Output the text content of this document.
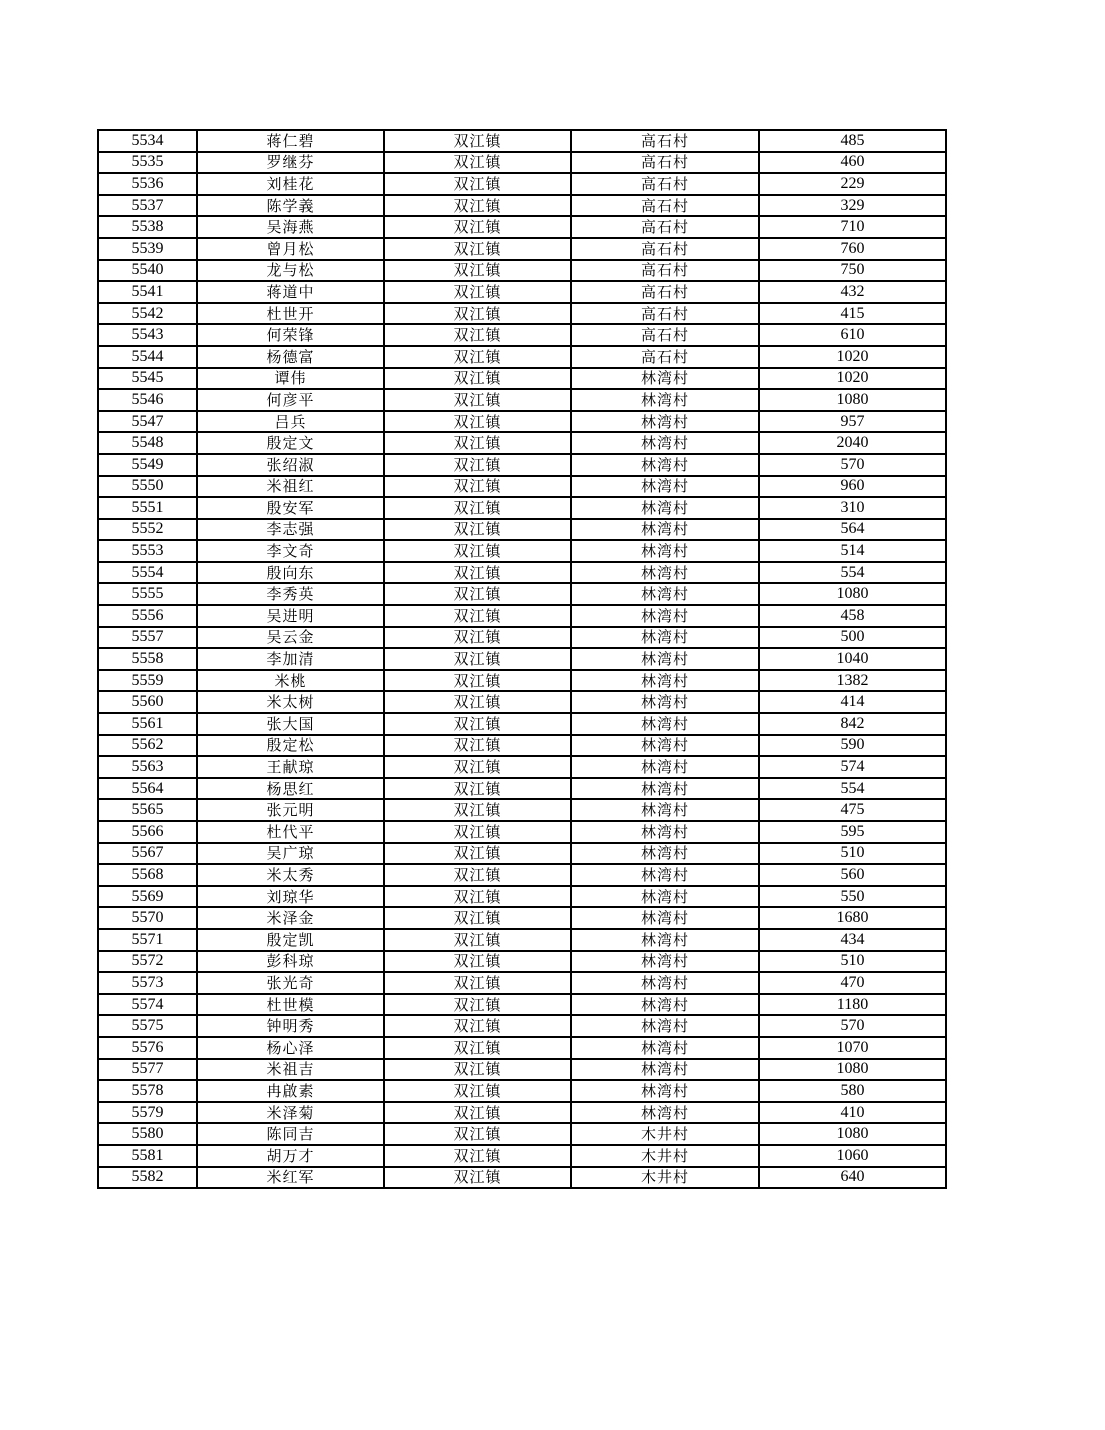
5534	蒋仁碧	双江镇	高石村	485
5535	罗继芬	双江镇	高石村	460
5536	刘桂花	双江镇	高石村	229
5537	陈学義	双江镇	高石村	329
5538	吴海燕	双江镇	高石村	710
5539	曾月松	双江镇	高石村	760
5540	龙与松	双江镇	高石村	750
5541	蒋道中	双江镇	高石村	432
5542	杜世开	双江镇	高石村	415
5543	何荣锋	双江镇	高石村	610
5544	杨德富	双江镇	高石村	1020
5545	谭伟	双江镇	林湾村	1020
5546	何彦平	双江镇	林湾村	1080
5547	吕兵	双江镇	林湾村	957
5548	殷定文	双江镇	林湾村	2040
5549	张绍淑	双江镇	林湾村	570
5550	米祖红	双江镇	林湾村	960
5551	殷安军	双江镇	林湾村	310
5552	李志强	双江镇	林湾村	564
5553	李文奇	双江镇	林湾村	514
5554	殷向东	双江镇	林湾村	554
5555	李秀英	双江镇	林湾村	1080
5556	吴进明	双江镇	林湾村	458
5557	吴云金	双江镇	林湾村	500
5558	李加清	双江镇	林湾村	1040
5559	米桃	双江镇	林湾村	1382
5560	米太树	双江镇	林湾村	414
5561	张大国	双江镇	林湾村	842
5562	殷定松	双江镇	林湾村	590
5563	王献琼	双江镇	林湾村	574
5564	杨思红	双江镇	林湾村	554
5565	张元明	双江镇	林湾村	475
5566	杜代平	双江镇	林湾村	595
5567	吴广琼	双江镇	林湾村	510
5568	米太秀	双江镇	林湾村	560
5569	刘琼华	双江镇	林湾村	550
5570	米泽金	双江镇	林湾村	1680
5571	殷定凯	双江镇	林湾村	434
5572	彭科琼	双江镇	林湾村	510
5573	张光奇	双江镇	林湾村	470
5574	杜世模	双江镇	林湾村	1180
5575	钟明秀	双江镇	林湾村	570
5576	杨心泽	双江镇	林湾村	1070
5577	米祖吉	双江镇	林湾村	1080
5578	冉啟素	双江镇	林湾村	580
5579	米泽菊	双江镇	林湾村	410
5580	陈同吉	双江镇	木井村	1080
5581	胡万才	双江镇	木井村	1060
5582	米红军	双江镇	木井村	640
